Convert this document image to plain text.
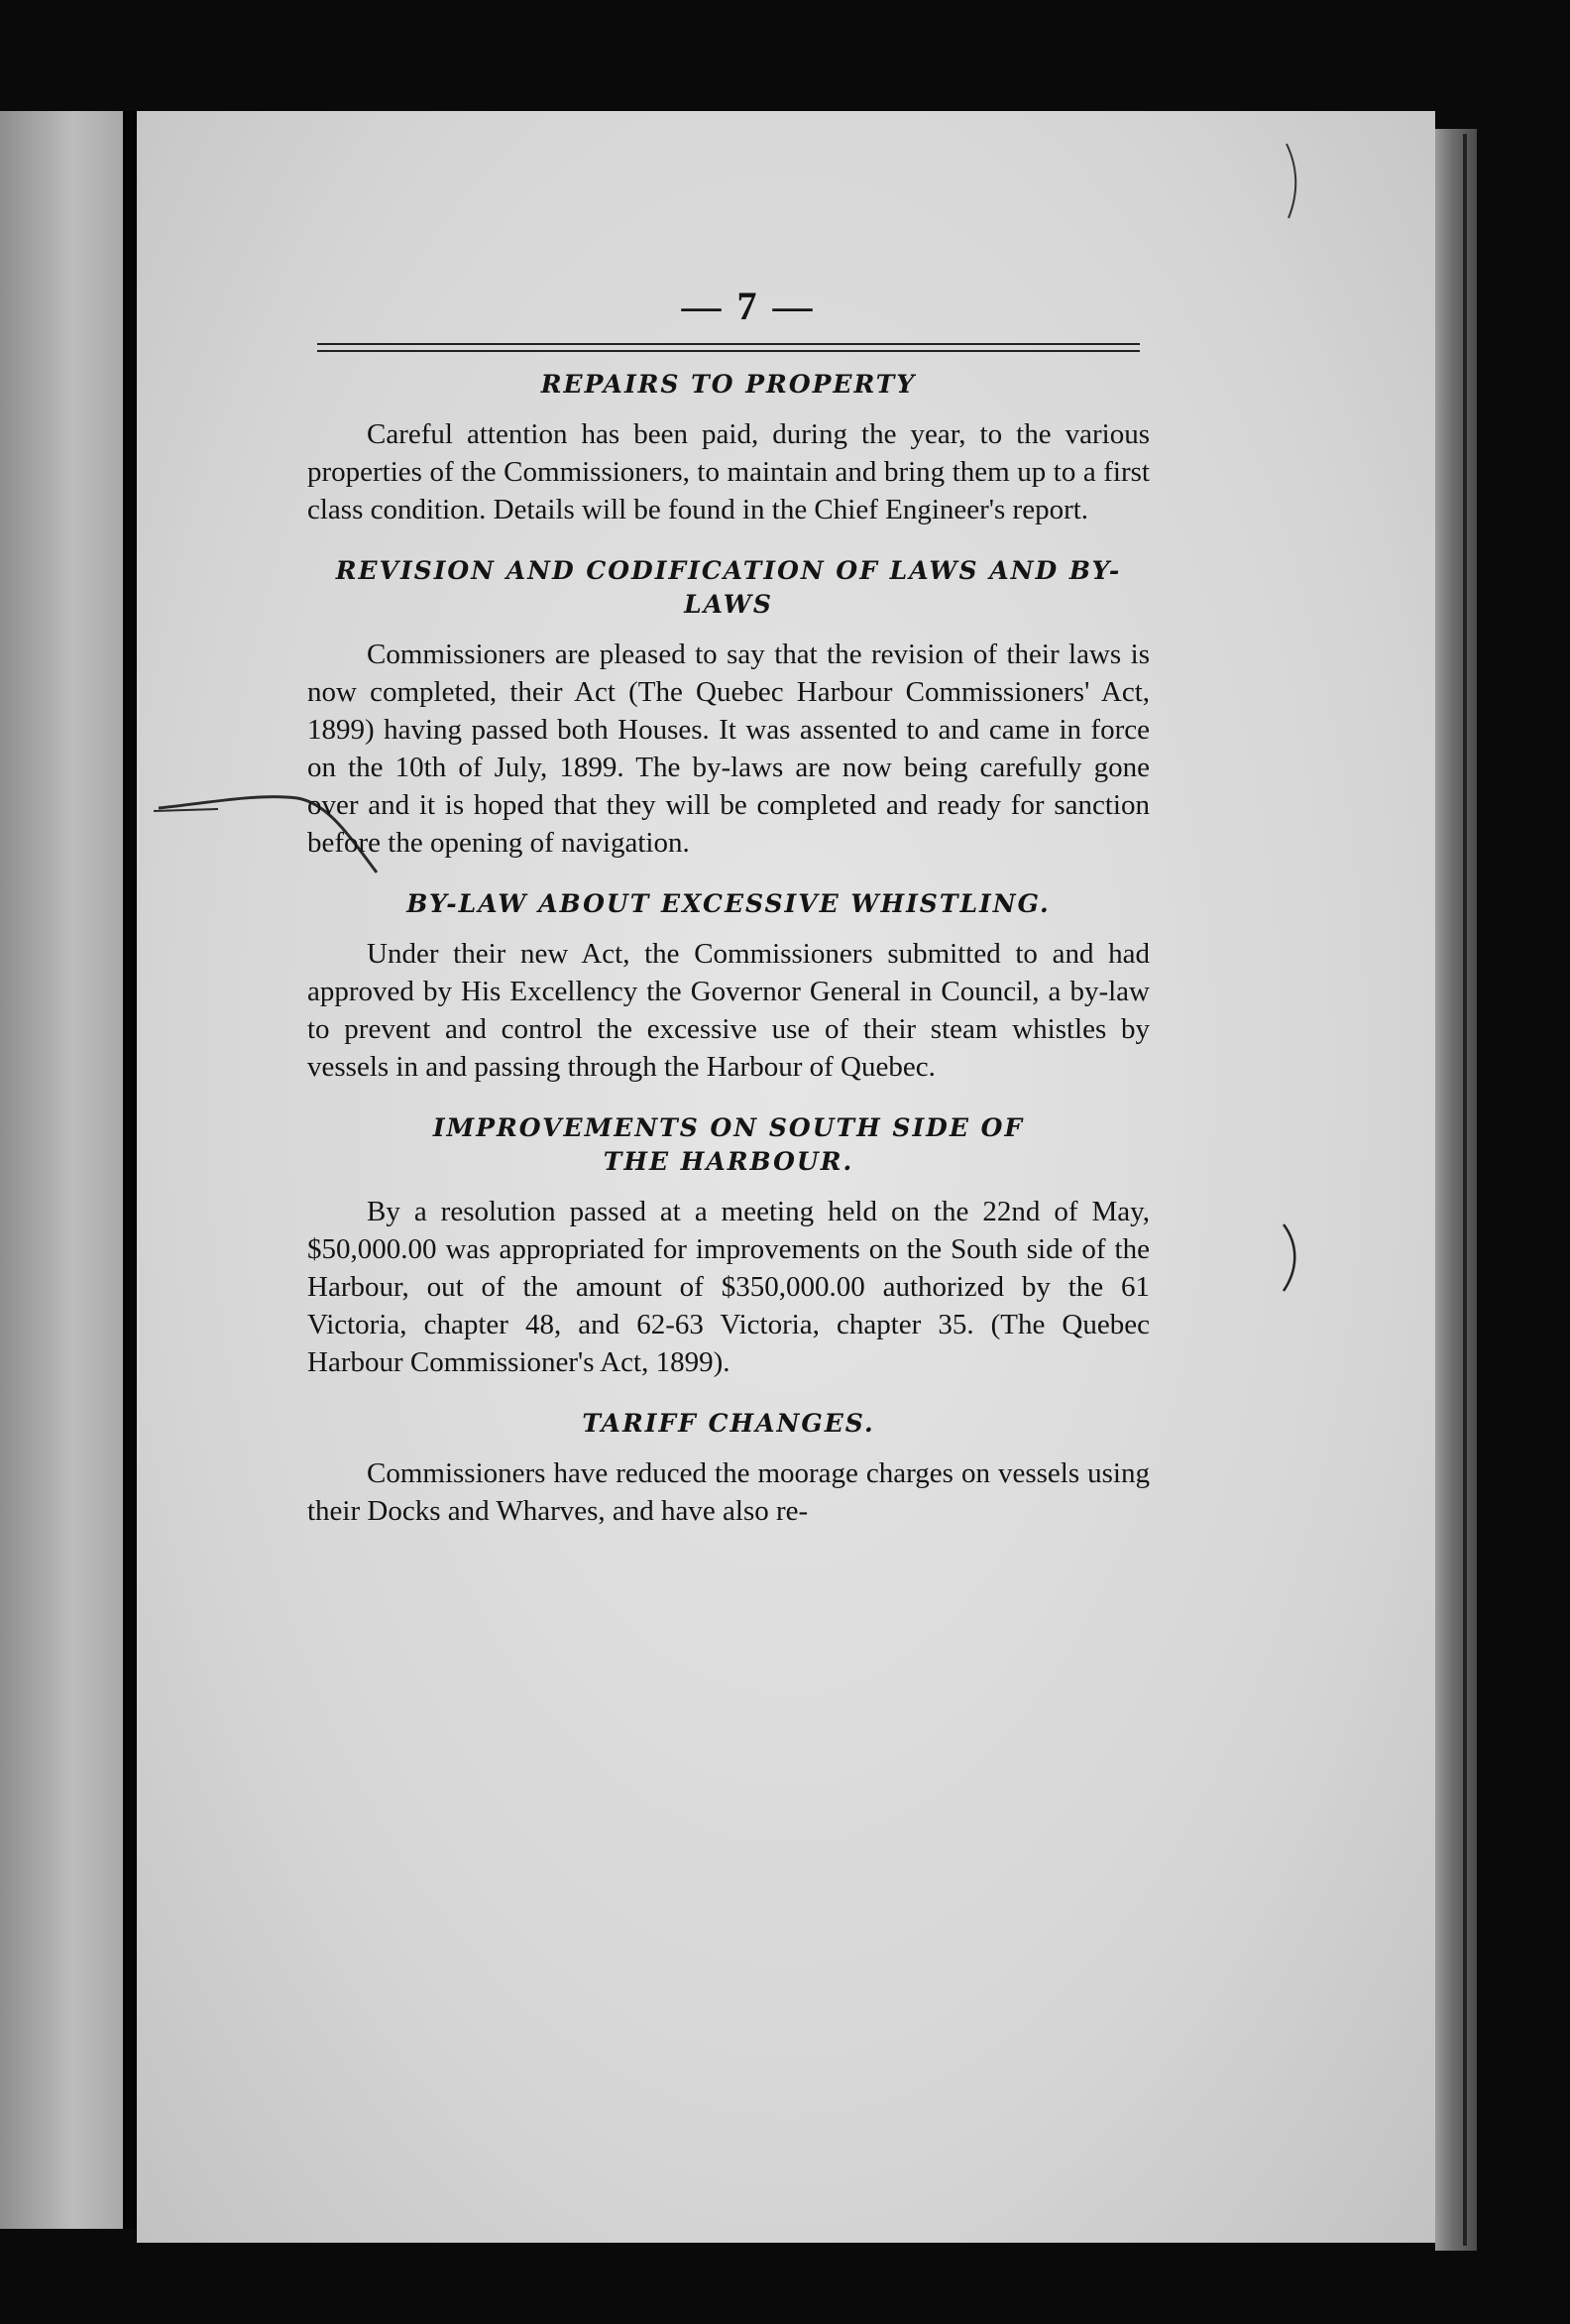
— 7 —
REPAIRS TO PROPERTY

Careful attention has been paid, during the year, to the various properties of the Commissioners, to maintain and bring them up to a first class condition. Details will be found in the Chief Engineer's report.

REVISION AND CODIFICATION OF LAWS AND BY-LAWS

Commissioners are pleased to say that the revision of their laws is now completed, their Act (The Quebec Harbour Commissioners' Act, 1899) having passed both Houses. It was assented to and came in force on the 10th of July, 1899. The by-laws are now being carefully gone over and it is hoped that they will be completed and ready for sanction before the opening of navigation.

BY-LAW ABOUT EXCESSIVE WHISTLING.

Under their new Act, the Commissioners submitted to and had approved by His Excellency the Governor General in Council, a by-law to prevent and control the excessive use of their steam whistles by vessels in and passing through the Harbour of Quebec.

IMPROVEMENTS ON SOUTH SIDE OF THE HARBOUR.

By a resolution passed at a meeting held on the 22nd of May, $50,000.00 was appropriated for improvements on the South side of the Harbour, out of the amount of $350,000.00 authorized by the 61 Victoria, chapter 48, and 62-63 Victoria, chapter 35. (The Quebec Harbour Commissioner's Act, 1899).

TARIFF CHANGES.

Commissioners have reduced the moorage charges on vessels using their Docks and Wharves, and have also re-
